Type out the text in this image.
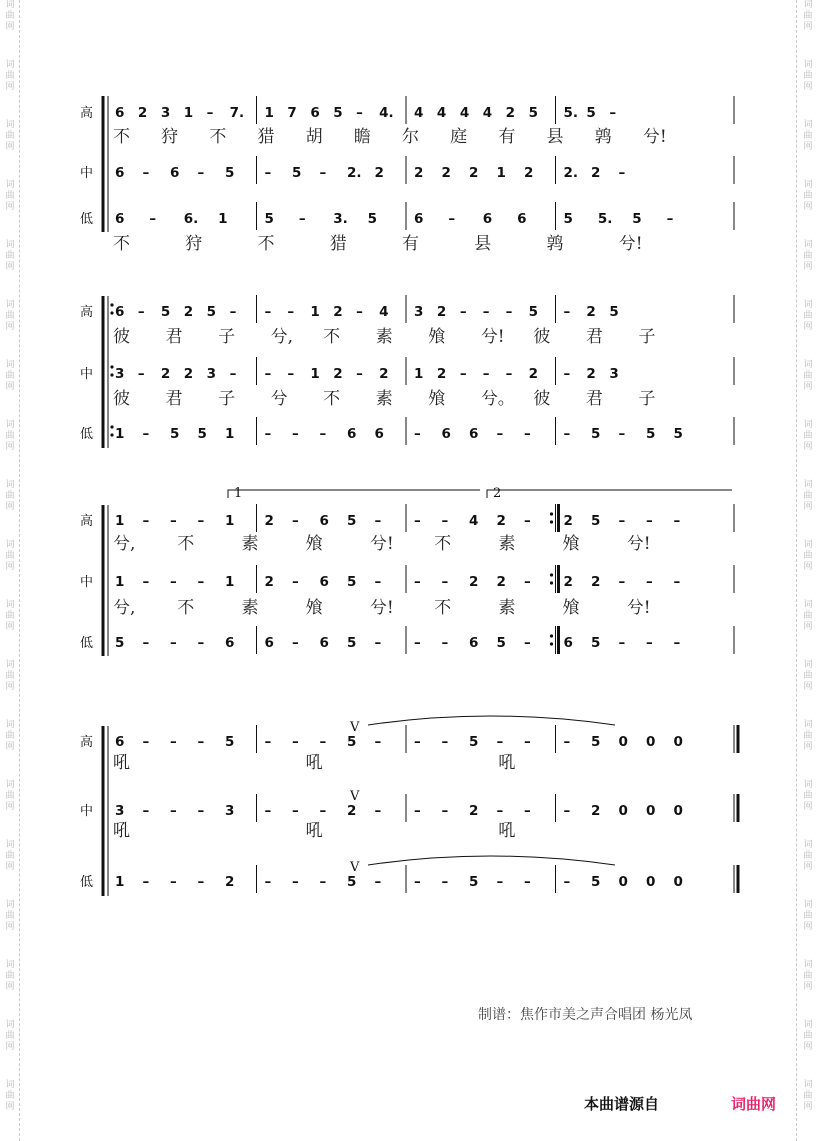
词
曲
网
词
曲
网
词
曲
网
词
曲
网
词
曲
网
词
曲
网
词
曲
网
词
曲
网
词
曲
网
词
曲
网
词
曲
网
词
曲
网
词
曲
网
词
曲
网
词
曲
网
词
曲
网
词
曲
网
词
曲
网
词
曲
网
词
曲
网
词
曲
网
词
曲
网
词
曲
网
词
曲
网
词
曲
网
词
曲
网
词
曲
网
词
曲
网
词
曲
网
词
曲
网
词
曲
网
词
曲
网
词
曲
网
词
曲
网
词
曲
网
词
曲
网
词
曲
网
词
曲
网
高 6 2 3 1 – 7. 1 7 6 5 – 4. 4 4 4 4 2 5 5. 5 –
不 狩 不 猎 胡 瞻 尔 庭 有 县 鹑 兮!
中 6 – 6 – 5 – 5 – 2. 2 2 2 2 1 2 2. 2 –
低 6 – 6. 1	5 – 3. 5	6 – 6 6	5 5. 5 –
不	狩	不	猎	有	县	鹑	兮!
高 6 – 5 2 5 – – – 1 2 – 4 3 2 – – – 5 – 2 5
彼 君 子 兮, 不 素 飧 兮! 彼 君 子
中 3 – 2 2 3 – – – 1 2 – 2 1 2 – – – 2 – 2 3
彼 君 子 兮 不 素 飧 兮。 彼 君 子
低 1 – 5 5 1 – – – 6 6 – 6 6 – – – 5 – 5 5
高 1 – – – 1 2 – 6 5 – – – 4 2 – 2 5 – – –
兮, 不	素	飧	兮! 不	素	飧	兮!
中 1 – – – 1 2 – 6 5 – – – 2 2 – 2 2 – – –
兮, 不	素	飧	兮! 不	素	飧	兮!
低 5 – – – 6 6 – 6 5 – – – 6 5 – 6 5 – – –
1	2
高 6 – – – 5 – – – 5 – – – 5 – – – 5 0 0 0
吼	吼	吼
中 3 – – – 3 – – – 2 – – – 2 – – – 2 0 0 0
吼	吼	吼
低 1 – – – 2 – – – 5 – – – 5 – – – 5 0 0 0
V
V
V
制谱：焦作市美之声合唱团 杨光凤
本曲谱源自	词曲网
